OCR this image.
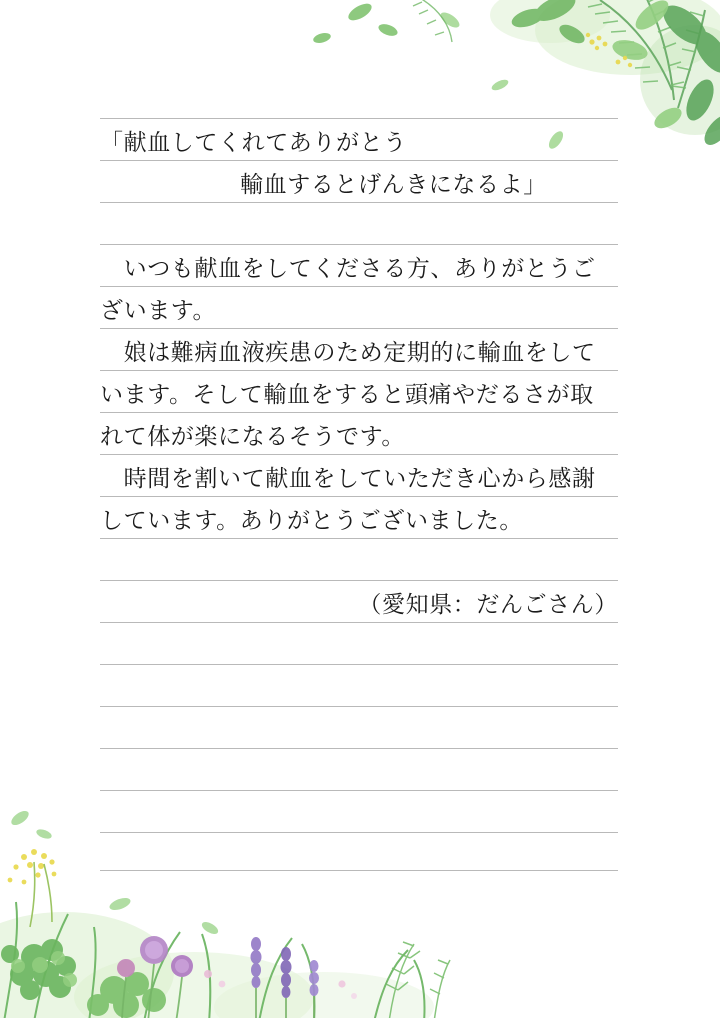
「献血してくれてありがとう
輸血するとげんきになるよ」
　いつも献血をしてくださる方、ありがとうご
ざいます。
　娘は難病血液疾患のため定期的に輸血をして
います。そして輸血をすると頭痛やだるさが取
れて体が楽になるそうです。
　時間を割いて献血をしていただき心から感謝
しています。ありがとうございました。
（愛知県：だんごさん）
